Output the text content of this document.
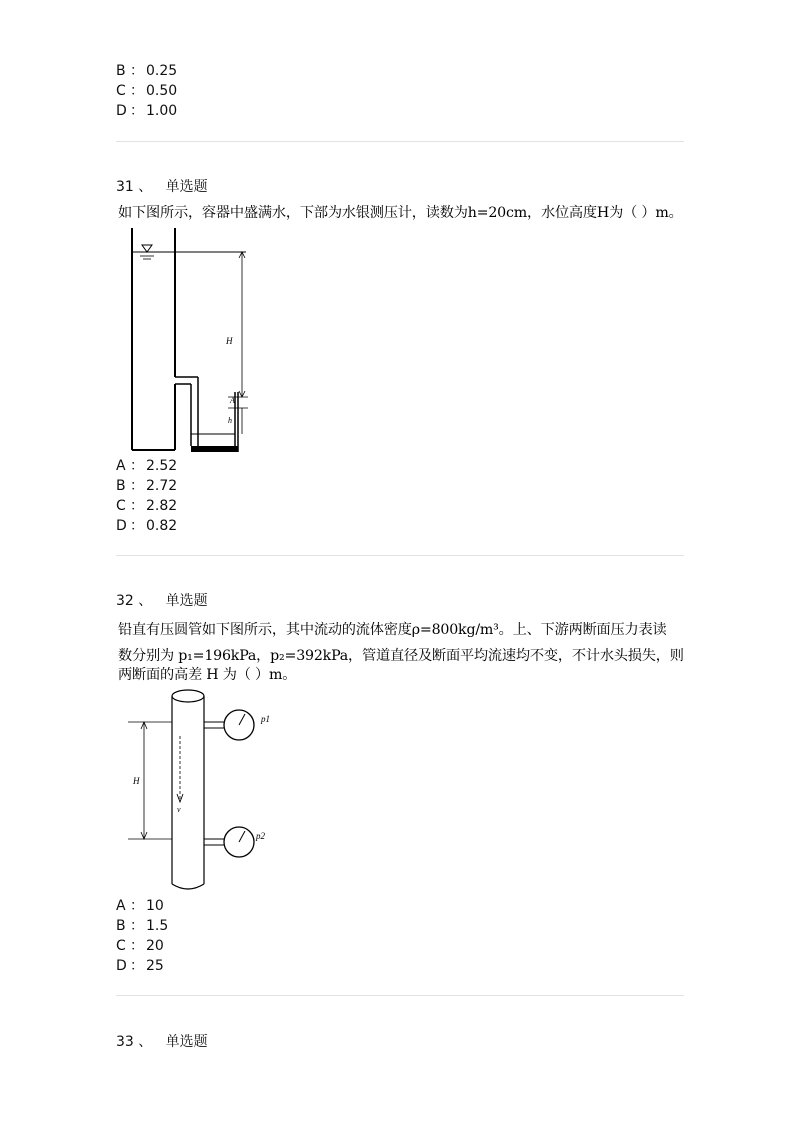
B ： 0.25
C ： 0.50
D ： 1.00
31 、 单选题
如下图所示，容器中盛满水，下部为水银测压计，读数为h=20cm，水位高度H为（ ）m。
H
A
h
A ： 2.52
B ： 2.72
C ： 2.82
D ： 0.82
32 、 单选题
铅直有压圆管如下图所示，其中流动的流体密度ρ=800kg/m³。上、下游两断面压力表读
数分别为 p₁=196kPa，p₂=392kPa，管道直径及断面平均流速均不变，不计水头损失，则
两断面的高差 H 为（ ）m。
p1
p2
v
H
A ： 10
B ： 1.5
C ： 20
D ： 25
33 、 单选题
